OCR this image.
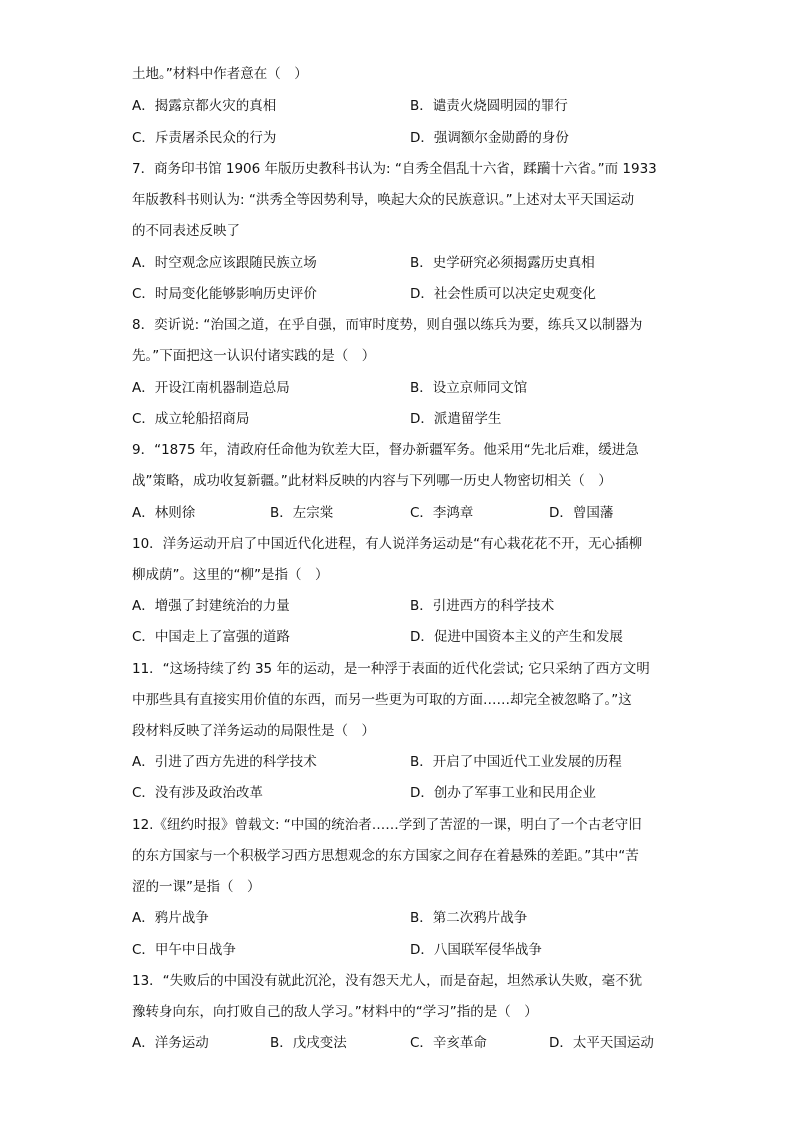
土地。”材料中作者意在（　）
A．揭露京都火灾的真相	B．谴责火烧圆明园的罪行
C．斥责屠杀民众的行为	D．强调额尔金勋爵的身份
7．商务印书馆 1906 年版历史教科书认为: “自秀全倡乱十六省，蹂躏十六省。”而 1933
年版教科书则认为: “洪秀全等因势利导，唤起大众的民族意识。”上述对太平天国运动
的不同表述反映了
A．时空观念应该跟随民族立场	B．史学研究必须揭露历史真相
C．时局变化能够影响历史评价	D．社会性质可以决定史观变化
8．奕䜣说: “治国之道，在乎自强，而审时度势，则自强以练兵为要，练兵又以制器为
先。”下面把这一认识付诸实践的是（　）
A．开设江南机器制造总局	B．设立京师同文馆
C．成立轮船招商局	D．派遣留学生
9．“1875 年，清政府任命他为钦差大臣，督办新疆军务。他采用“先北后难，缓进急
战”策略，成功收复新疆。”此材料反映的内容与下列哪一历史人物密切相关（　）
A．林则徐	B．左宗棠	C．李鸿章	D．曾国藩
10．洋务运动开启了中国近代化进程，有人说洋务运动是“有心栽花花不开，无心插柳
柳成荫”。这里的“柳”是指（　）
A．增强了封建统治的力量	B．引进西方的科学技术
C．中国走上了富强的道路	D．促进中国资本主义的产生和发展
11．“这场持续了约 35 年的运动，是一种浮于表面的近代化尝试; 它只采纳了西方文明
中那些具有直接实用价值的东西，而另一些更为可取的方面……却完全被忽略了。”这
段材料反映了洋务运动的局限性是（　）
A．引进了西方先进的科学技术	B．开启了中国近代工业发展的历程
C．没有涉及政治改革	D．创办了军事工业和民用企业
12.《纽约时报》曾载文: “中国的统治者……学到了苦涩的一课，明白了一个古老守旧
的东方国家与一个积极学习西方思想观念的东方国家之间存在着悬殊的差距。”其中“苦
涩的一课”是指（　）
A．鸦片战争	B．第二次鸦片战争
C．甲午中日战争	D．八国联军侵华战争
13．“失败后的中国没有就此沉沦，没有怨天尤人，而是奋起，坦然承认失败，毫不犹
豫转身向东，向打败自己的敌人学习。”材料中的“学习”指的是（　）
A．洋务运动	B．戊戌变法	C．辛亥革命	D．太平天国运动
